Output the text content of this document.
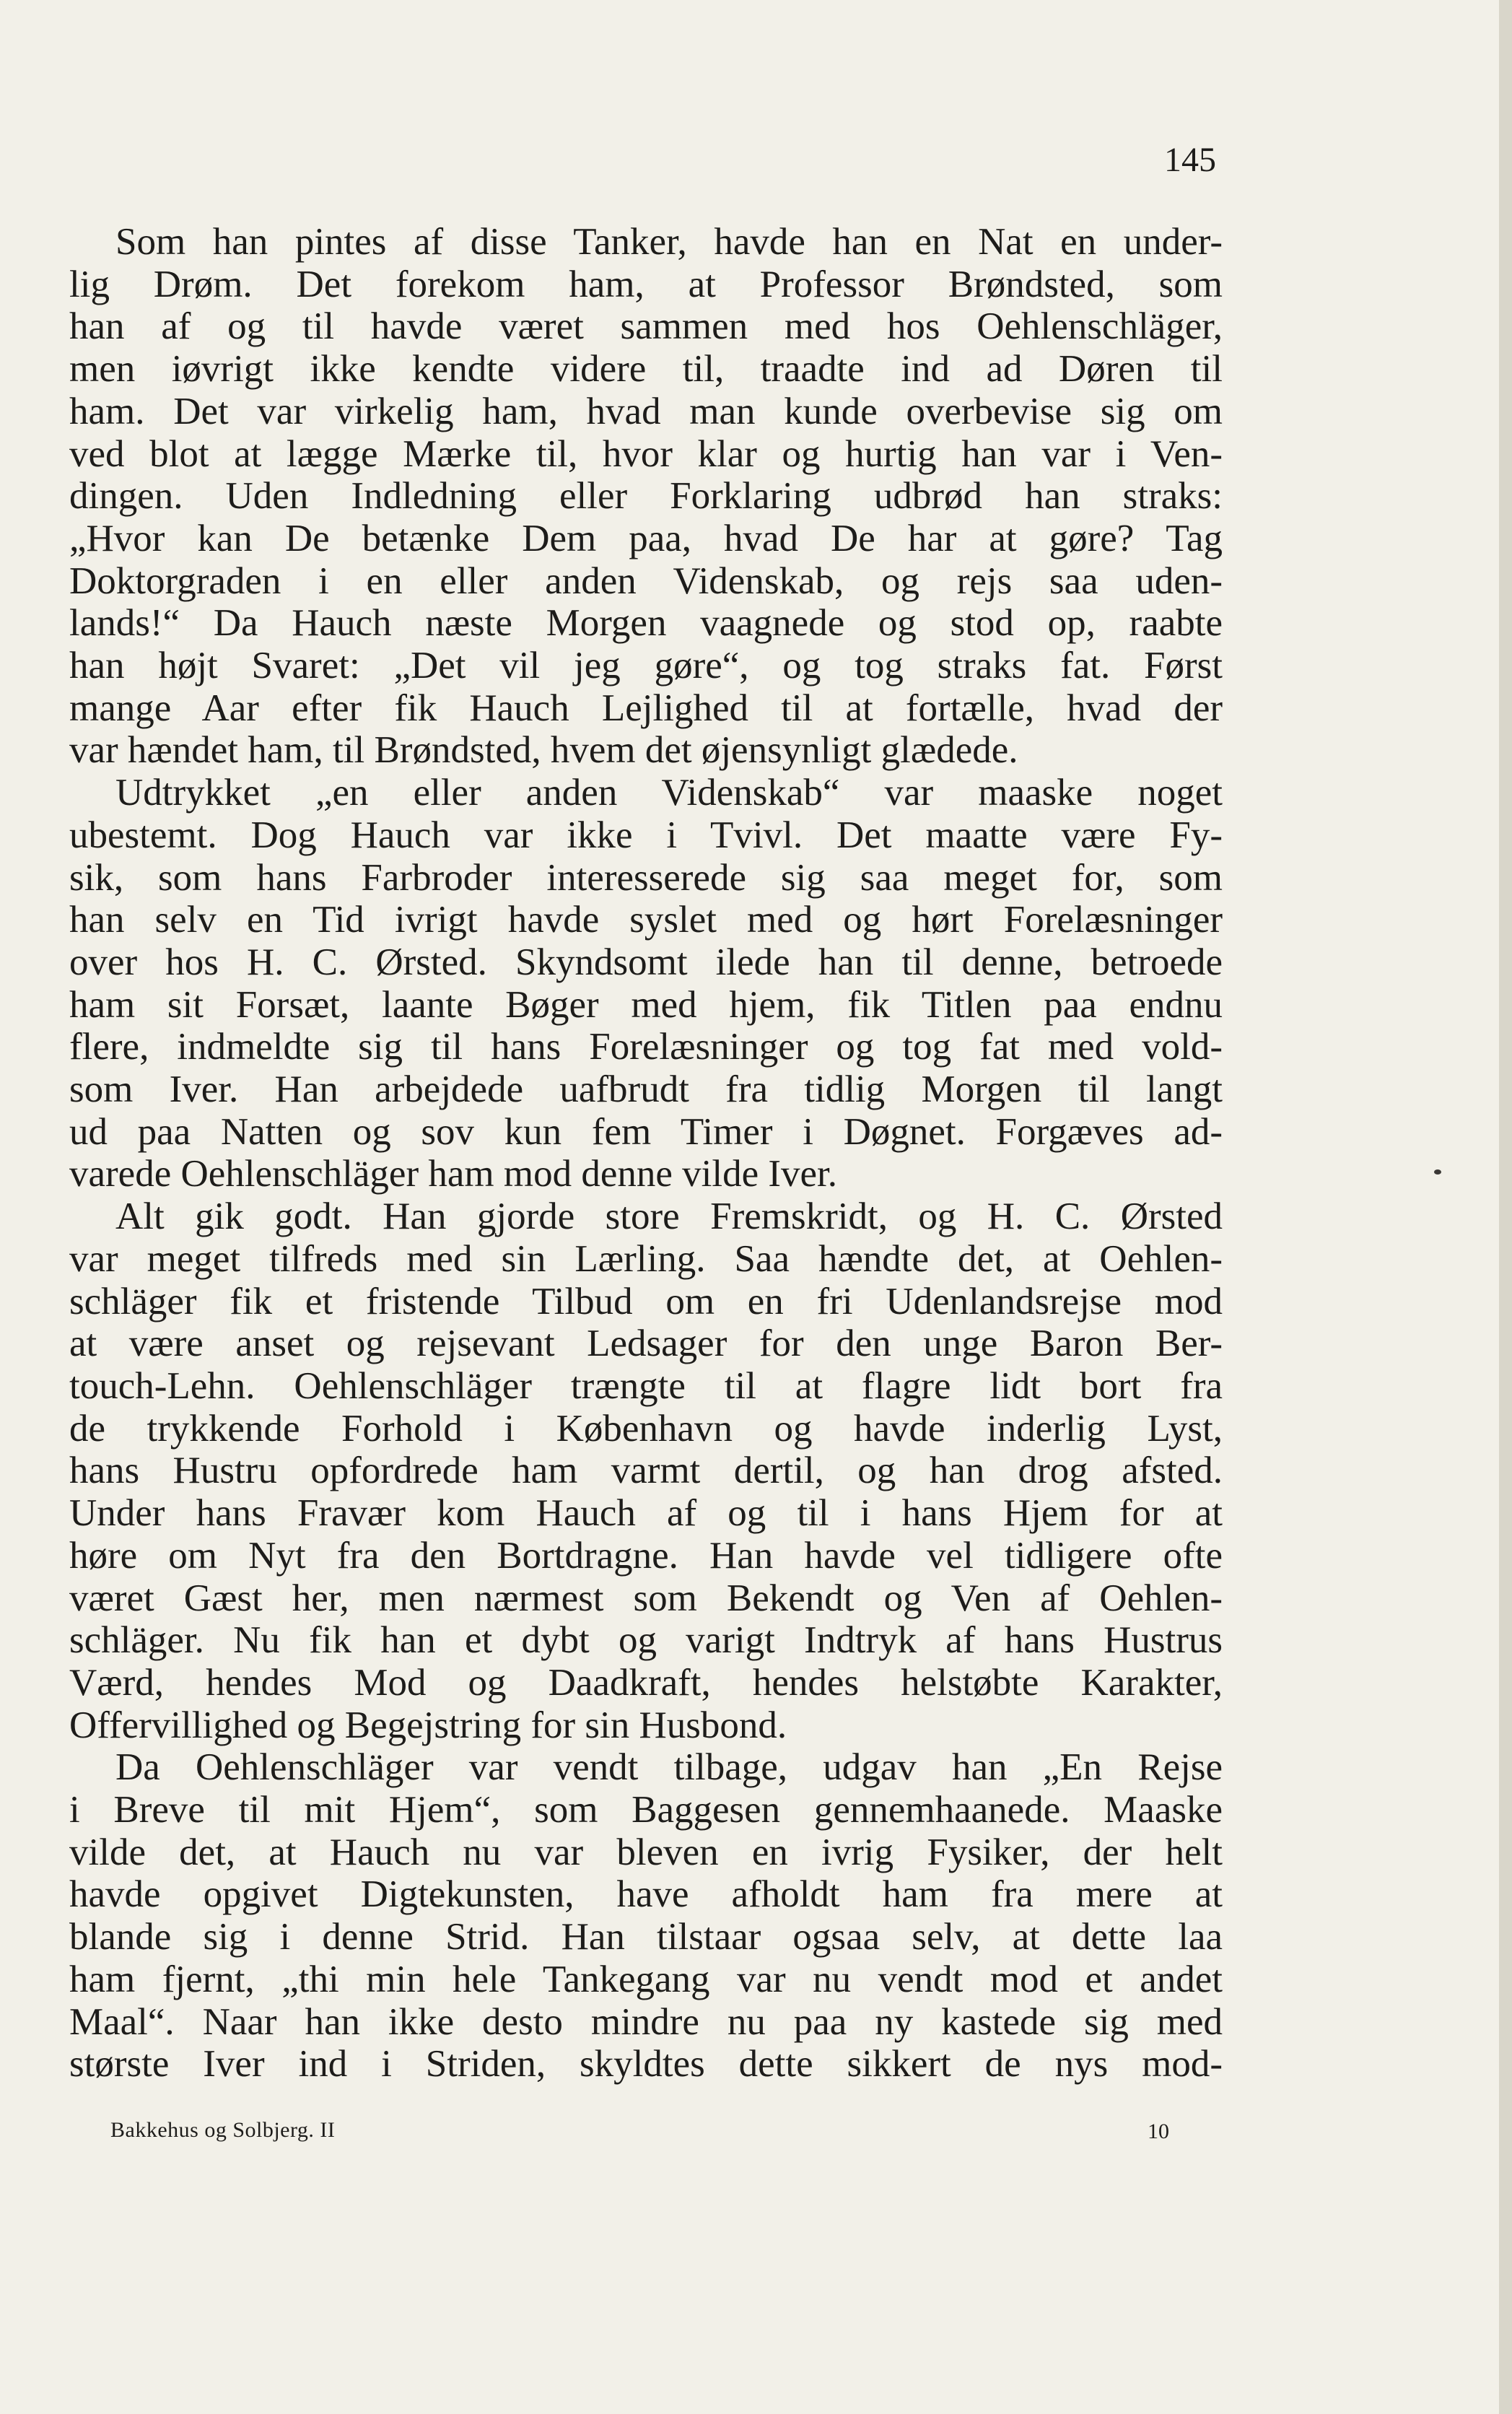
145

Som han pintes af disse Tanker, havde han en Nat en under-
lig Drøm. Det forekom ham, at Professor Brøndsted, som
han af og til havde været sammen med hos Oehlenschläger,
men iøvrigt ikke kendte videre til, traadte ind ad Døren til
ham. Det var virkelig ham, hvad man kunde overbevise sig om
ved blot at lægge Mærke til, hvor klar og hurtig han var i Ven-
dingen. Uden Indledning eller Forklaring udbrød han straks:
„Hvor kan De betænke Dem paa, hvad De har at gøre? Tag
Doktorgraden i en eller anden Videnskab, og rejs saa uden-
lands!“ Da Hauch næste Morgen vaagnede og stod op, raabte
han højt Svaret: „Det vil jeg gøre“, og tog straks fat. Først
mange Aar efter fik Hauch Lejlighed til at fortælle, hvad der
var hændet ham, til Brøndsted, hvem det øjensynligt glædede.

Udtrykket „en eller anden Videnskab“ var maaske noget
ubestemt. Dog Hauch var ikke i Tvivl. Det maatte være Fy-
sik, som hans Farbroder interesserede sig saa meget for, som
han selv en Tid ivrigt havde syslet med og hørt Forelæsninger
over hos H. C. Ørsted. Skyndsomt ilede han til denne, betroede
ham sit Forsæt, laante Bøger med hjem, fik Titlen paa endnu
flere, indmeldte sig til hans Forelæsninger og tog fat med vold-
som Iver. Han arbejdede uafbrudt fra tidlig Morgen til langt
ud paa Natten og sov kun fem Timer i Døgnet. Forgæves ad-
varede Oehlenschläger ham mod denne vilde Iver.

Alt gik godt. Han gjorde store Fremskridt, og H. C. Ørsted
var meget tilfreds med sin Lærling. Saa hændte det, at Oehlen-
schläger fik et fristende Tilbud om en fri Udenlandsrejse mod
at være anset og rejsevant Ledsager for den unge Baron Ber-
touch-Lehn. Oehlenschläger trængte til at flagre lidt bort fra
de trykkende Forhold i København og havde inderlig Lyst,
hans Hustru opfordrede ham varmt dertil, og han drog afsted.
Under hans Fravær kom Hauch af og til i hans Hjem for at
høre om Nyt fra den Bortdragne. Han havde vel tidligere ofte
været Gæst her, men nærmest som Bekendt og Ven af Oehlen-
schläger. Nu fik han et dybt og varigt Indtryk af hans Hustrus
Værd, hendes Mod og Daadkraft, hendes helstøbte Karakter,
Offervillighed og Begejstring for sin Husbond.

Da Oehlenschläger var vendt tilbage, udgav han „En Rejse
i Breve til mit Hjem“, som Baggesen gennemhaanede. Maaske
vilde det, at Hauch nu var bleven en ivrig Fysiker, der helt
havde opgivet Digtekunsten, have afholdt ham fra mere at
blande sig i denne Strid. Han tilstaar ogsaa selv, at dette laa
ham fjernt, „thi min hele Tankegang var nu vendt mod et andet
Maal“. Naar han ikke desto mindre nu paa ny kastede sig med
største Iver ind i Striden, skyldtes dette sikkert de nys mod-

Bakkehus og Solbjerg. II	10
